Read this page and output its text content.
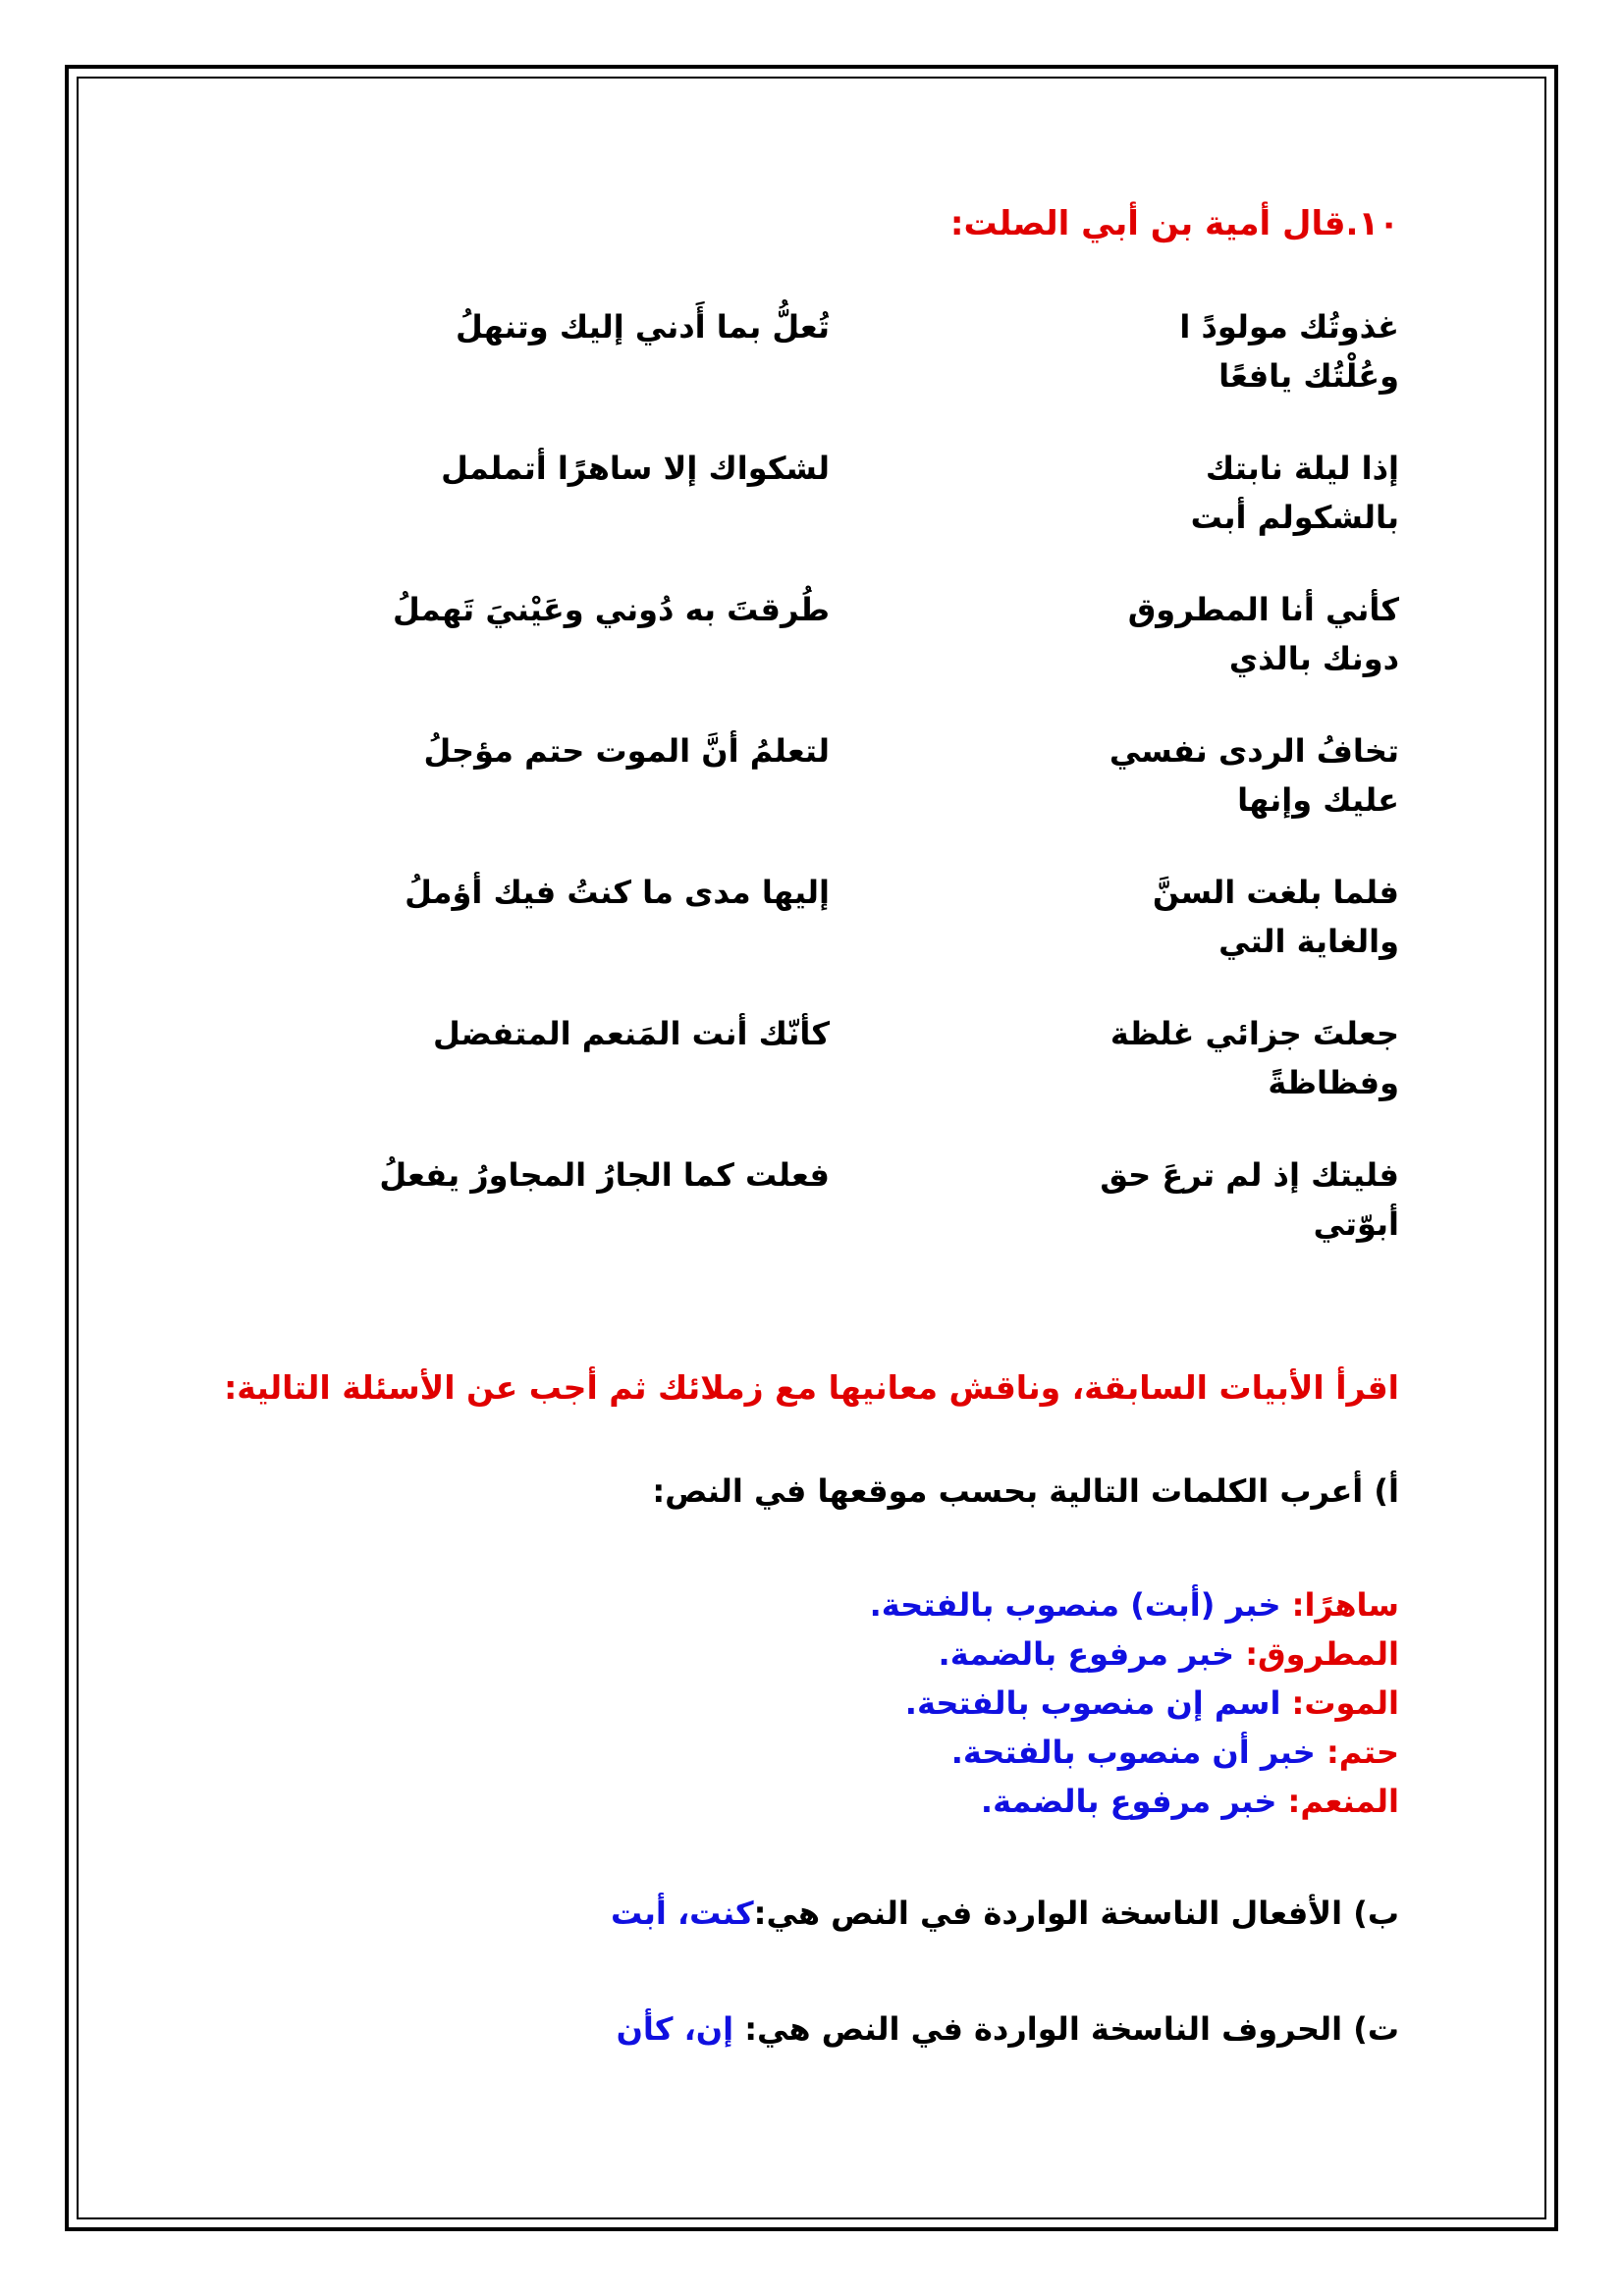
١٠.قال أمية بن أبي الصلت:
غذوتُك مولودً ا وعُلْتُك يافعًا
تُعلُّ بما أَدني إليك وتنهلُ
إذا ليلة نابتك بالشكولم أبت
لشكواك إلا ساهرًا أتململ
كأني أنا المطروق دونك بالذي
طُرقتَ به دُوني وعَيْنيَ تَهملُ
تخافُ الردى نفسي عليك وإنها
لتعلمُ أنَّ الموت حتم مؤجلُ
فلما بلغت السنَّ والغاية التي
إليها مدى ما كنتُ فيك أؤملُ
جعلتَ جزائي غلظة وفظاظةً
كأنّك أنت المَنعم المتفضل
فليتك إذ لم ترعَ حق أبوّتي
فعلت كما الجارُ المجاورُ يفعلُ
اقرأ الأبيات السابقة، وناقش معانيها مع زملائك ثم أجب عن الأسئلة التالية:
أ) أعرب الكلمات التالية بحسب موقعها في النص:
ساهرًا: خبر (أبت) منصوب بالفتحة.
المطروق: خبر مرفوع بالضمة.
الموت: اسم إن منصوب بالفتحة.
حتم: خبر أن منصوب بالفتحة.
المنعم: خبر مرفوع بالضمة.
ب) الأفعال الناسخة الواردة في النص هي:كنت، أبت
ت) الحروف الناسخة الواردة في النص هي: إن، كأن
